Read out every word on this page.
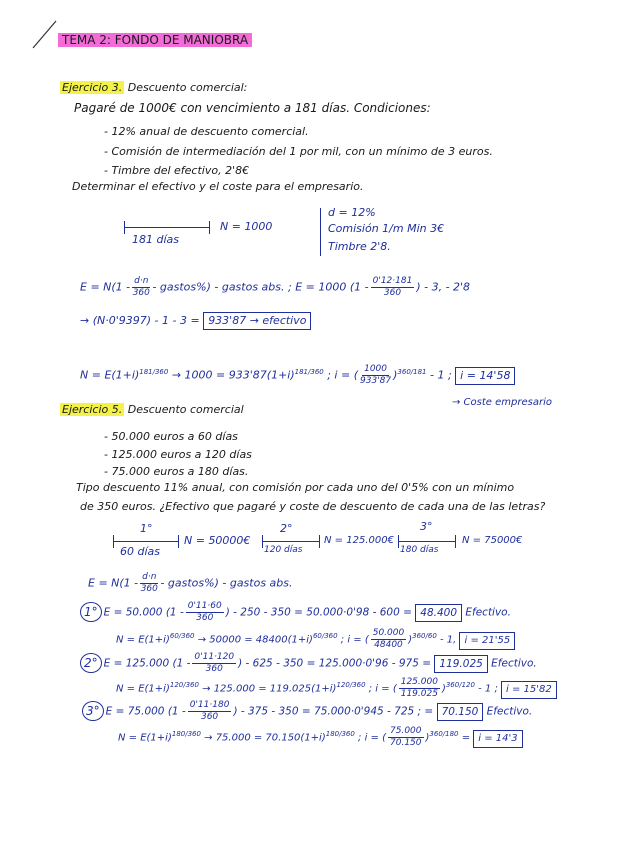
TEMA 2: FONDO DE MANIOBRA
Ejercicio 3. Descuento comercial:
Pagaré de 1000€ con vencimiento a 181 días. Condiciones:
- 12% anual de descuento comercial.
- Comisión de intermediación del 1 por mil, con un mínimo de 3 euros.
- Timbre del efectivo, 2'8€
Determinar el efectivo y el coste para el empresario.
181 días
N = 1000
d = 12%
Comisión 1/m Min 3€
Timbre 2'8.
$E = N(1 - \frac{d\cdot n}{360}$ - gastos%) - gastos abs. ; E = 1000 ($1 - \frac{0'12\cdot 181}{360}$ ) - 3, - 2'8
→ (N·0'9397) - 1 - 3 = 933'87 → efectivo
$N = E(1+i)^{181/360} \to 1000 = 933'87(1+i)^{181/360}$ ; i = ( $\frac{1000}{933'87} )^{360/181} - 1$ ; i = 14'58
→ Coste empresario
Ejercicio 5. Descuento comercial
- 50.000 euros a 60 días
- 125.000 euros a 120 días
- 75.000 euros a 180 días.
Tipo descuento 11% anual, con comisión por cada uno del 0'5% con un mínimo
de 350 euros. ¿Efectivo que pagaré y coste de descuento de cada una de las letras?
1°
60 días
N = 50000€
2°
120 días
N = 125.000€
3°
180 días
N = 75000€
$E = N(1 - \frac{d\cdot n}{360}$ - gastos%) - gastos abs.
1° E = 50.000 ($1 - \frac{0'11\cdot 60}{360}$ ) - 250 - 350 = 50.000·0'98 - 600 = 48.400 Efectivo.
$N = E(1+i)^{60/360} \to 50000 = 48400(1+i)^{60/360}$ ; i = ( $\frac{50.000}{48400} )^{360/60} - 1$, i = 21'55
2° E = 125.000 ($1 - \frac{0'11\cdot 120}{360}$ ) - 625 - 350 = 125.000·0'96 - 975 = 119.025 Efectivo.
$N = E(1+i)^{120/360} \to 125.000 = 119.025(1+i)^{120/360}$ ; i = ( $\frac{125.000}{119.025} )^{360/120} - 1$ ; i = 15'82
3° E = 75.000 ($1 - \frac{0'11\cdot 180}{360}$ ) - 375 - 350 = 75.000·0'945 - 725 ; = 70.150 Efectivo.
$N = E(1+i)^{180/360} \to 75.000 = 70.150(1+i)^{180/360}$ ; i = ( $\frac{75.000}{70.150} )^{360/180} = i = 14'3$
